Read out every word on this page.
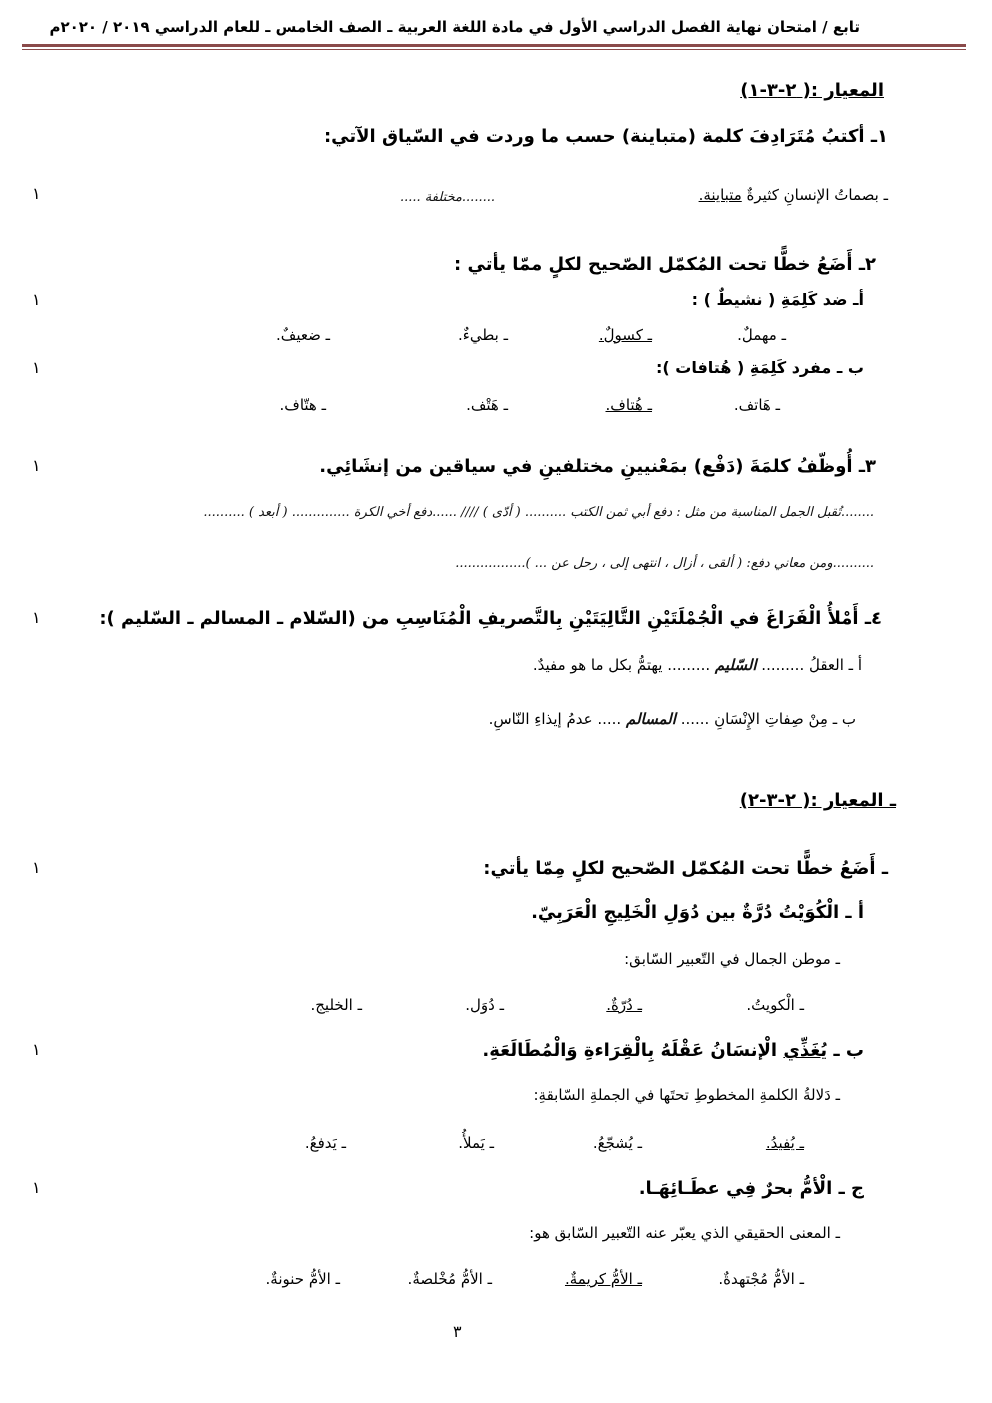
تابع / امتحان نهاية الفصل الدراسي الأول في مادة اللغة العربية ـ الصف الخامس ـ للعام الدراسي ٢٠١٩ / ٢٠٢٠م
المعيار :( ٢-٣-١)
١ـ أكتبُ مُتَرَادِفَ كلمة (متباينة) حسب ما وردت في السّياق الآتي:
ـ بصماتُ الإنسانِ كثيرةٌ متباينة.
........مختلفة .....
١
٢ـ أَضَعُ خطًّا تحت المُكمّل الصّحيح لكلٍ ممّا يأتي :
أـ ضد كَلِمَةِ ( نشيطٌ ) :
١
ـ مهملٌ.
ـ كسولٌ.
ـ بطيءٌ.
ـ ضعيفٌ.
ب ـ مفرد كَلِمَةِ ( هُتافات ):
١
ـ هَاتف.
ـ هُتاف.
ـ هَتْف.
ـ هتّاف.
٣ـ أُوظّفُ كلمَةَ (دَفْع) بمَعْنيينِ مختلفينِ في سياقين من إنشَائِي.
١
........تُقبل الجمل المناسبة من مثل : دفع أبي ثمن الكتب .......... ( أدّى ) //// ......دفع أخي الكرة .............. ( أبعد ) ..........
..........ومن معاني دفع: ( ألقى ، أزال ، انتهى إلى ، رحل عن ... ).................
٤ـ أَمْلأُ الْفَرَاغَ في الْجُمْلَتَيْنِ التَّالِيَتَيْنِ بِالتَّصريفِ الْمُنَاسِبِ من (السّلام ـ المسالم ـ السّليم ):
١
أ ـ العقلُ ......... السّليم ......... يهتمُّ بكل ما هو مفيدٌ.
ب ـ مِنْ صِفاتِ الإِنْسَانِ ...... المسالم ..... عدمُ إيذاءِ النّاسِ.
ـ المعيار :( ٢-٣-٢)
ـ أَضَعُ خطًّا تحت المُكمّل الصّحيح لكلٍ مِمّا يأتي:
١
أ ـ الْكُوَيْتُ دُرَّةٌ بين دُوَلِ الْخَلِيجِ الْعَرَبِيّ.
ـ موطن الجمال في التّعبير السّابق:
ـ الْكويتُ.
ـ دُرّةٌ.
ـ دُوَل.
ـ الخليج.
ب ـ يُغَذِّي الْإنسَانُ عَقْلَهُ بِالْقِرَاءةِ وَالْمُطَالَعَةِ.
١
ـ دَلالةُ الكلمةِ المخطوطِ تحتَها في الجملةِ السّابقةِ:
ـ يُفيدُ.
ـ يُشجّعُ.
ـ يَملأُ.
ـ يَدفعُ.
ج ـ الْأمُّ بحرٌ فِي عطَـائِهَـا.
١
ـ المعنى الحقيقي الذي يعبّر عنه التّعبير السّابق هو:
ـ الأمُّ مُجْتهدةٌ.
ـ الأمُّ كريمةٌ.
ـ الأمُّ مُخْلصةٌ.
ـ الأمُّ حنونةٌ.
٣
